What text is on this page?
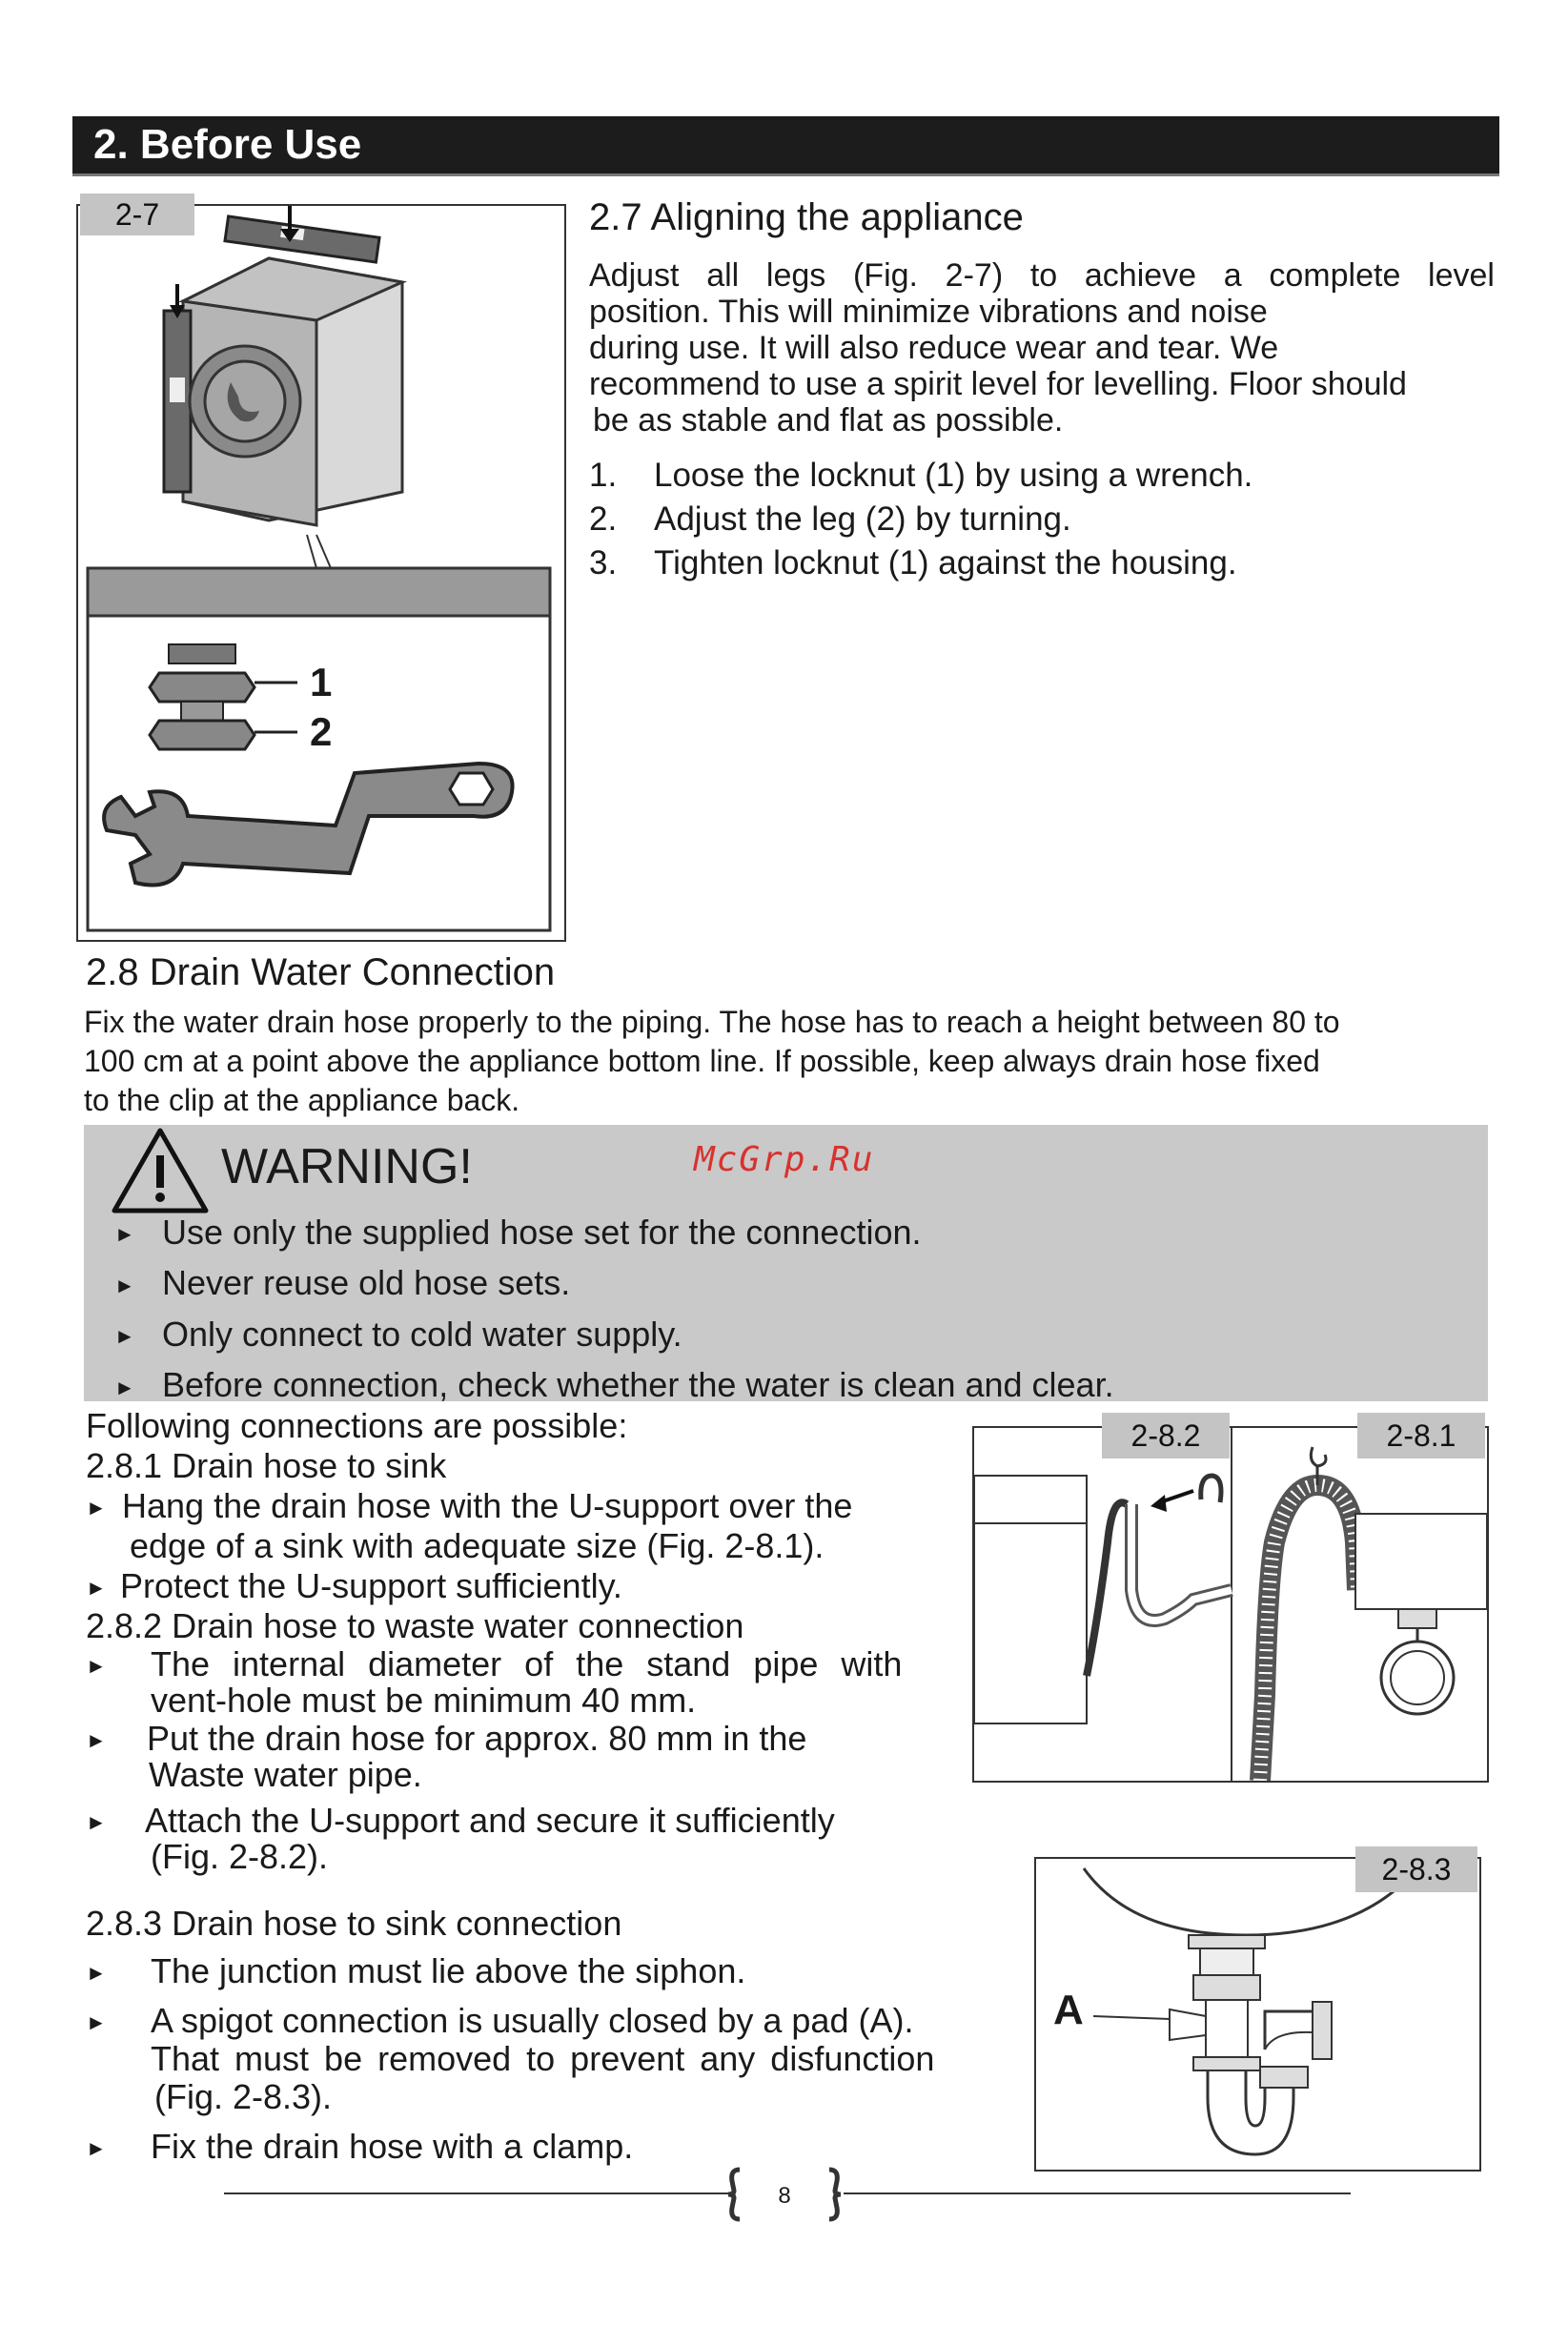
2. Before Use
1
2
2-7	2.7 Aligning the appliance
Adjust all legs (Fig. 2-7) to achieve a complete level
position. This will minimize vibrations and noise
during use. It will also reduce wear and tear. We
recommend to use a spirit level for levelling. Floor should
be as stable and flat as possible.
1. Loose the locknut (1) by using a wrench.
2. Adjust the leg (2) by turning.
3. Tighten locknut (1) against the housing.
2.8 Drain Water Connection
Fix the water drain hose properly to the piping. The hose has to reach a height between 80 to
100 cm at a point above the appliance bottom line. If possible, keep always drain hose fixed
to the clip at the appliance back.
WARNING!	McGrp.Ru
► Use only the supplied hose set for the connection.
► Never reuse old hose sets.
► Only connect to cold water supply.
► Before connection, check whether the water is clean and clear.
Following connections are possible:
2.8.1 Drain hose to sink
► Hang the drain hose with the U-support over the
edge of a sink with adequate size (Fig. 2-8.1).
► Protect the U-support sufficiently.
2.8.2 Drain hose to waste water connection
► The internal diameter of the stand pipe with
vent-hole must be minimum 40 mm.
► Put the drain hose for approx. 80 mm in the
Waste water pipe.
► Attach the U-support and secure it sufficiently
(Fig. 2-8.2).
2.8.3 Drain hose to sink connection
► The junction must lie above the siphon.
► A spigot connection is usually closed by a pad (A).
That must be removed to prevent any disfunction
(Fig. 2-8.3).
► Fix the drain hose with a clamp.
2-8.2	2-8.1
A
2-8.3
8
